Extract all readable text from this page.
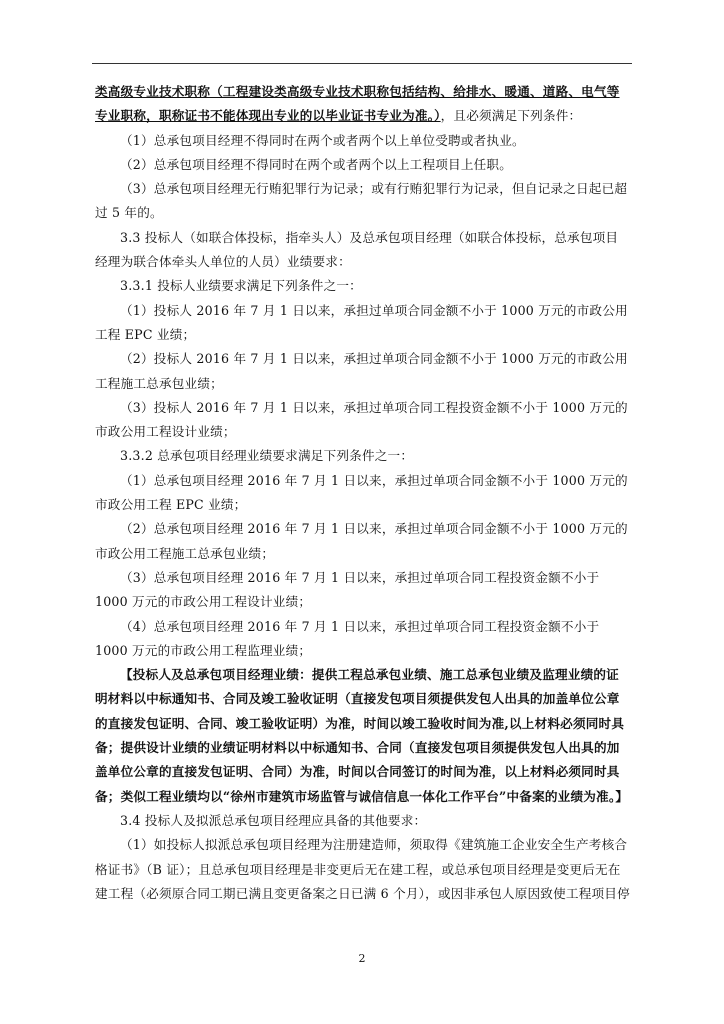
类高级专业技术职称（工程建设类高级专业技术职称包括结构、给排水、暖通、道路、电气等专业职称，职称证书不能体现出专业的以毕业证书专业为准。），且必须满足下列条件：

（1）总承包项目经理不得同时在两个或者两个以上单位受聘或者执业。

（2）总承包项目经理不得同时在两个或者两个以上工程项目上任职。

（3）总承包项目经理无行贿犯罪行为记录；或有行贿犯罪行为记录，但自记录之日起已超过 5 年的。

3.3 投标人（如联合体投标，指牵头人）及总承包项目经理（如联合体投标，总承包项目经理为联合体牵头人单位的人员）业绩要求：

3.3.1 投标人业绩要求满足下列条件之一：

（1）投标人 2016 年 7 月 1 日以来，承担过单项合同金额不小于 1000 万元的市政公用工程 EPC 业绩；

（2）投标人 2016 年 7 月 1 日以来，承担过单项合同金额不小于 1000 万元的市政公用工程施工总承包业绩；

（3）投标人 2016 年 7 月 1 日以来，承担过单项合同工程投资金额不小于 1000 万元的市政公用工程设计业绩；

3.3.2 总承包项目经理业绩要求满足下列条件之一：

（1）总承包项目经理 2016 年 7 月 1 日以来，承担过单项合同金额不小于 1000 万元的市政公用工程 EPC 业绩；

（2）总承包项目经理 2016 年 7 月 1 日以来，承担过单项合同金额不小于 1000 万元的市政公用工程施工总承包业绩；

（3）总承包项目经理 2016 年 7 月 1 日以来，承担过单项合同工程投资金额不小于 1000 万元的市政公用工程设计业绩；

（4）总承包项目经理 2016 年 7 月 1 日以来，承担过单项合同工程投资金额不小于 1000 万元的市政公用工程监理业绩；

【投标人及总承包项目经理业绩：提供工程总承包业绩、施工总承包业绩及监理业绩的证明材料以中标通知书、合同及竣工验收证明（直接发包项目须提供发包人出具的加盖单位公章的直接发包证明、合同、竣工验收证明）为准，时间以竣工验收时间为准,以上材料必须同时具备；提供设计业绩的业绩证明材料以中标通知书、合同（直接发包项目须提供发包人出具的加盖单位公章的直接发包证明、合同）为准，时间以合同签订的时间为准，以上材料必须同时具备；类似工程业绩均以“徐州市建筑市场监管与诚信信息一体化工作平台”中备案的业绩为准。】

3.4 投标人及拟派总承包项目经理应具备的其他要求：

（1）如投标人拟派总承包项目经理为注册建造师，须取得《建筑施工企业安全生产考核合格证书》（B 证）；且总承包项目经理是非变更后无在建工程，或总承包项目经理是变更后无在建工程（必须原合同工期已满且变更备案之日已满 6 个月），或因非承包人原因致使工程项目停

2
